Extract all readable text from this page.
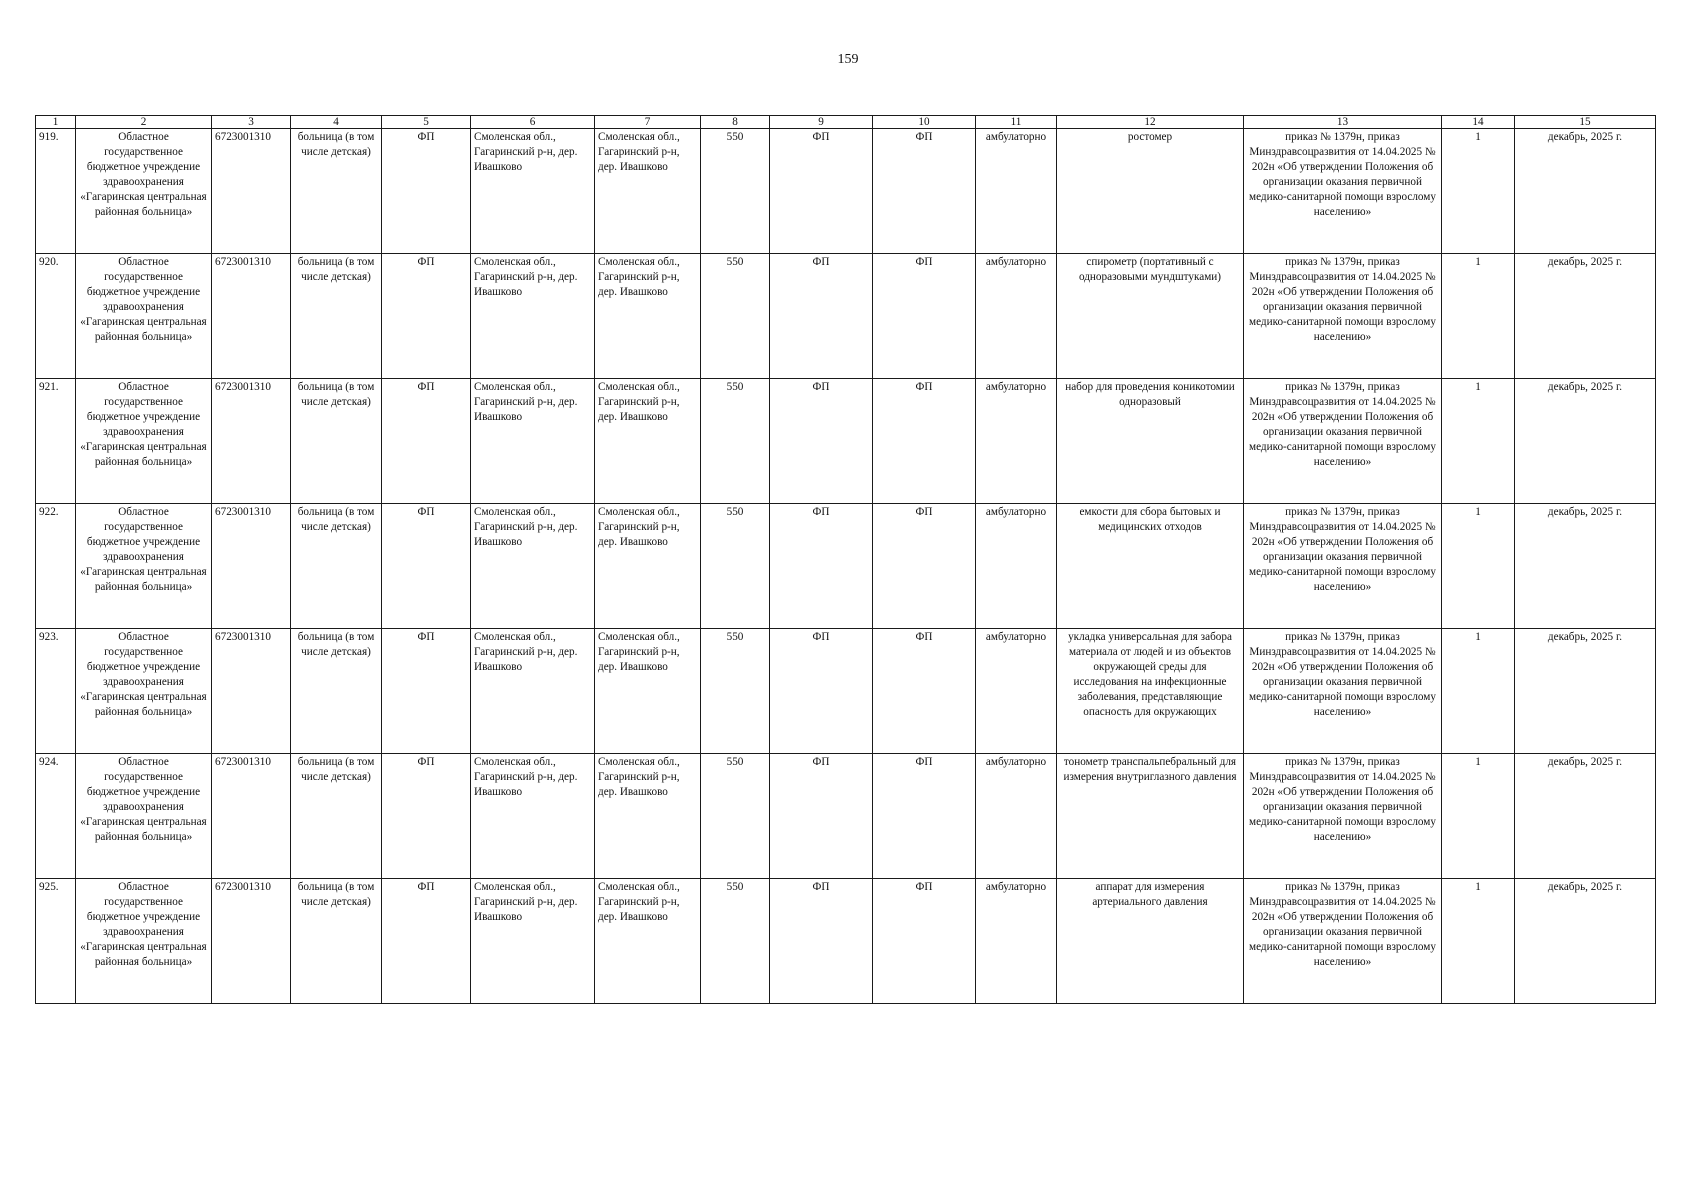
159
1	2	3	4	5	6	7	8	9	10	11	12	13	14	15
919.	Областное государственное бюджетное учреждение здравоохранения «Гагаринская центральная районная больница»	6723001310	больница (в том числе детская)	ФП	Смоленская обл., Гагаринский р-н, дер. Ивашково	Смоленская обл., Гагаринский р-н, дер. Ивашково	550	ФП	ФП	амбулаторно	ростомер	приказ № 1379н, приказ Минздравсоцразвития от 14.04.2025 № 202н «Об утверждении Положения об организации оказания первичной медико-санитарной помощи взрослому населению»	1	декабрь, 2025 г.
920.	Областное государственное бюджетное учреждение здравоохранения «Гагаринская центральная районная больница»	6723001310	больница (в том числе детская)	ФП	Смоленская обл., Гагаринский р-н, дер. Ивашково	Смоленская обл., Гагаринский р-н, дер. Ивашково	550	ФП	ФП	амбулаторно	спирометр (портативный с одноразовыми мундштуками)	приказ № 1379н, приказ Минздравсоцразвития от 14.04.2025 № 202н «Об утверждении Положения об организации оказания первичной медико-санитарной помощи взрослому населению»	1	декабрь, 2025 г.
921.	Областное государственное бюджетное учреждение здравоохранения «Гагаринская центральная районная больница»	6723001310	больница (в том числе детская)	ФП	Смоленская обл., Гагаринский р-н, дер. Ивашково	Смоленская обл., Гагаринский р-н, дер. Ивашково	550	ФП	ФП	амбулаторно	набор для проведения коникотомии одноразовый	приказ № 1379н, приказ Минздравсоцразвития от 14.04.2025 № 202н «Об утверждении Положения об организации оказания первичной медико-санитарной помощи взрослому населению»	1	декабрь, 2025 г.
922.	Областное государственное бюджетное учреждение здравоохранения «Гагаринская центральная районная больница»	6723001310	больница (в том числе детская)	ФП	Смоленская обл., Гагаринский р-н, дер. Ивашково	Смоленская обл., Гагаринский р-н, дер. Ивашково	550	ФП	ФП	амбулаторно	емкости для сбора бытовых и медицинских отходов	приказ № 1379н, приказ Минздравсоцразвития от 14.04.2025 № 202н «Об утверждении Положения об организации оказания первичной медико-санитарной помощи взрослому населению»	1	декабрь, 2025 г.
923.	Областное государственное бюджетное учреждение здравоохранения «Гагаринская центральная районная больница»	6723001310	больница (в том числе детская)	ФП	Смоленская обл., Гагаринский р-н, дер. Ивашково	Смоленская обл., Гагаринский р-н, дер. Ивашково	550	ФП	ФП	амбулаторно	укладка универсальная для забора материала от людей и из объектов окружающей среды для исследования на инфекционные заболевания, представляющие опасность для окружающих	приказ № 1379н, приказ Минздравсоцразвития от 14.04.2025 № 202н «Об утверждении Положения об организации оказания первичной медико-санитарной помощи взрослому населению»	1	декабрь, 2025 г.
924.	Областное государственное бюджетное учреждение здравоохранения «Гагаринская центральная районная больница»	6723001310	больница (в том числе детская)	ФП	Смоленская обл., Гагаринский р-н, дер. Ивашково	Смоленская обл., Гагаринский р-н, дер. Ивашково	550	ФП	ФП	амбулаторно	тонометр транспальпебральный для измерения внутриглазного давления	приказ № 1379н, приказ Минздравсоцразвития от 14.04.2025 № 202н «Об утверждении Положения об организации оказания первичной медико-санитарной помощи взрослому населению»	1	декабрь, 2025 г.
925.	Областное государственное бюджетное учреждение здравоохранения «Гагаринская центральная районная больница»	6723001310	больница (в том числе детская)	ФП	Смоленская обл., Гагаринский р-н, дер. Ивашково	Смоленская обл., Гагаринский р-н, дер. Ивашково	550	ФП	ФП	амбулаторно	аппарат для измерения артериального давления	приказ № 1379н, приказ Минздравсоцразвития от 14.04.2025 № 202н «Об утверждении Положения об организации оказания первичной медико-санитарной помощи взрослому населению»	1	декабрь, 2025 г.
